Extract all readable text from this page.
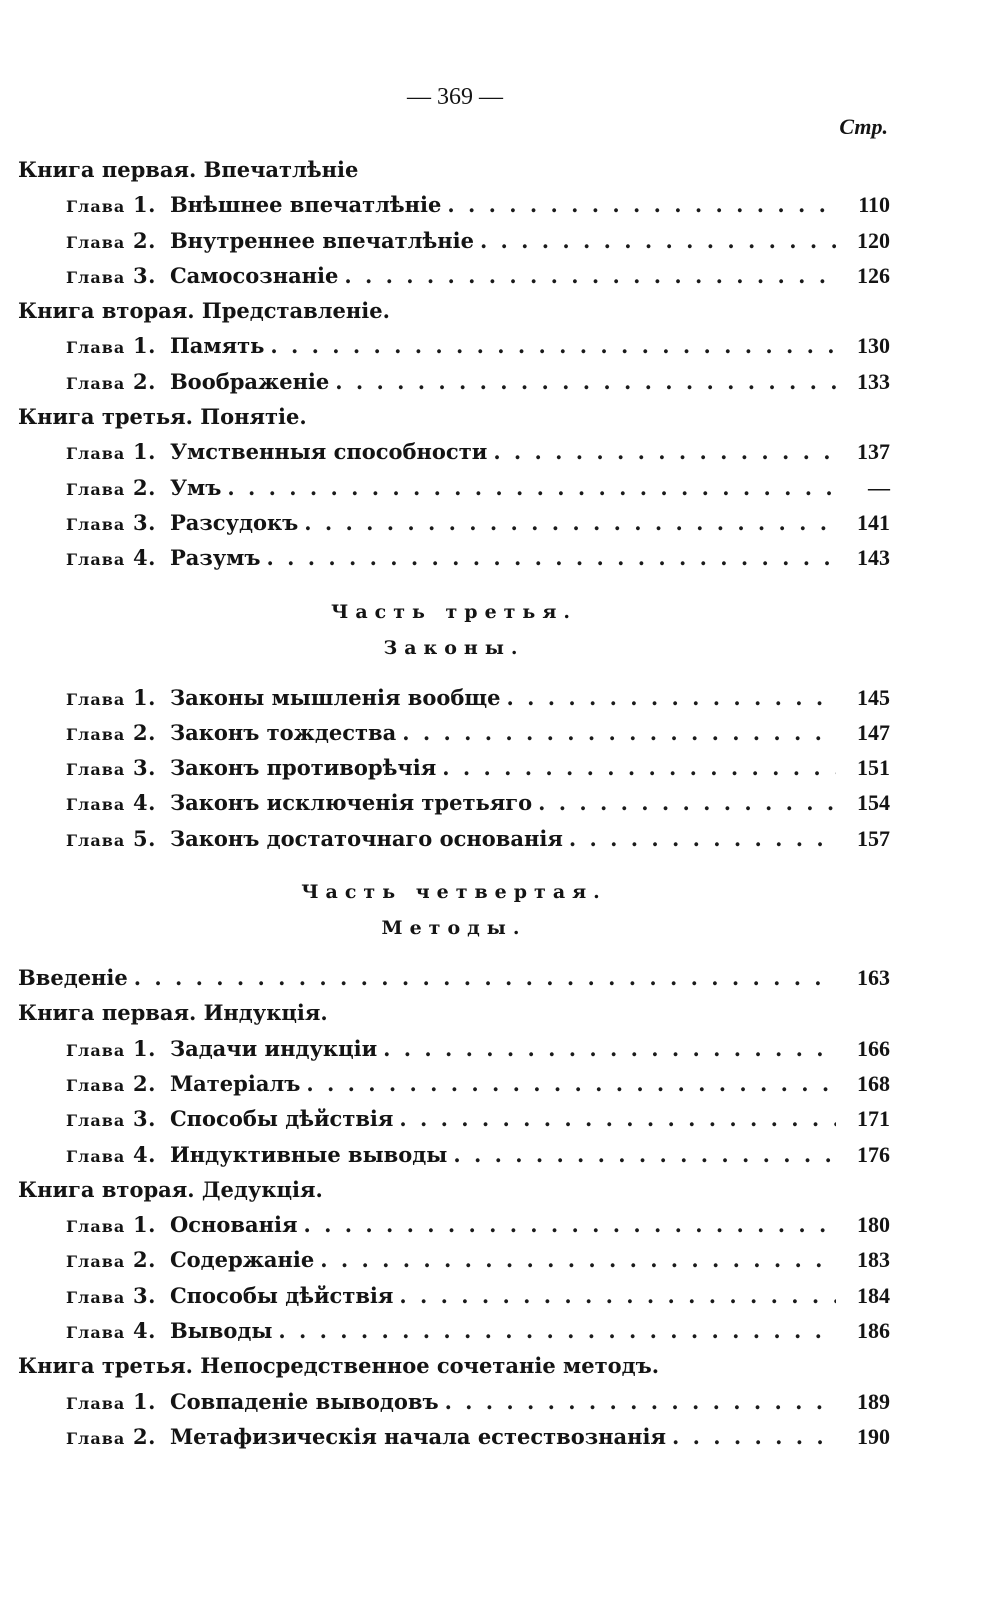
— 369 —
Стр.
Книга первая. Впечатлѣніе
Глава 1. Внѣшнее впечатлѣніе . . .	110
Глава 2. Внутреннее впечатлѣніе . . .	120
Глава 3. Самосознаніе . . .	126
Книга вторая. Представленіе.
Глава 1. Память . . .	130
Глава 2. Воображеніе . . .	133
Книга третья. Понятіе.
Глава 1. Умственныя способности . . .	137
Глава 2. Умъ . . .	—
Глава 3. Разсудокъ . . .	141
Глава 4. Разумъ . . .	143
Часть третья.
Законы.
Глава 1. Законы мышленія вообще . . .	145
Глава 2. Законъ тождества . . .	147
Глава 3. Законъ противорѣчія . . .	151
Глава 4. Законъ исключенія третьяго . . .	154
Глава 5. Законъ достаточнаго основанія . . .	157
Часть четвертая.
Методы.
Введеніе . . .	163
Книга первая. Индукція.
Глава 1. Задачи индукціи . . .	166
Глава 2. Матеріалъ . . .	168
Глава 3. Способы дѣйствія . . .	171
Глава 4. Индуктивные выводы . . .	176
Книга вторая. Дедукція.
Глава 1. Основанія . . .	180
Глава 2. Содержаніе . . .	183
Глава 3. Способы дѣйствія . . .	184
Глава 4. Выводы . . .	186
Книга третья. Непосредственное сочетаніе методъ.
Глава 1. Совпаденіе выводовъ . . .	189
Глава 2. Метафизическія начала естествознанія . . .	190
